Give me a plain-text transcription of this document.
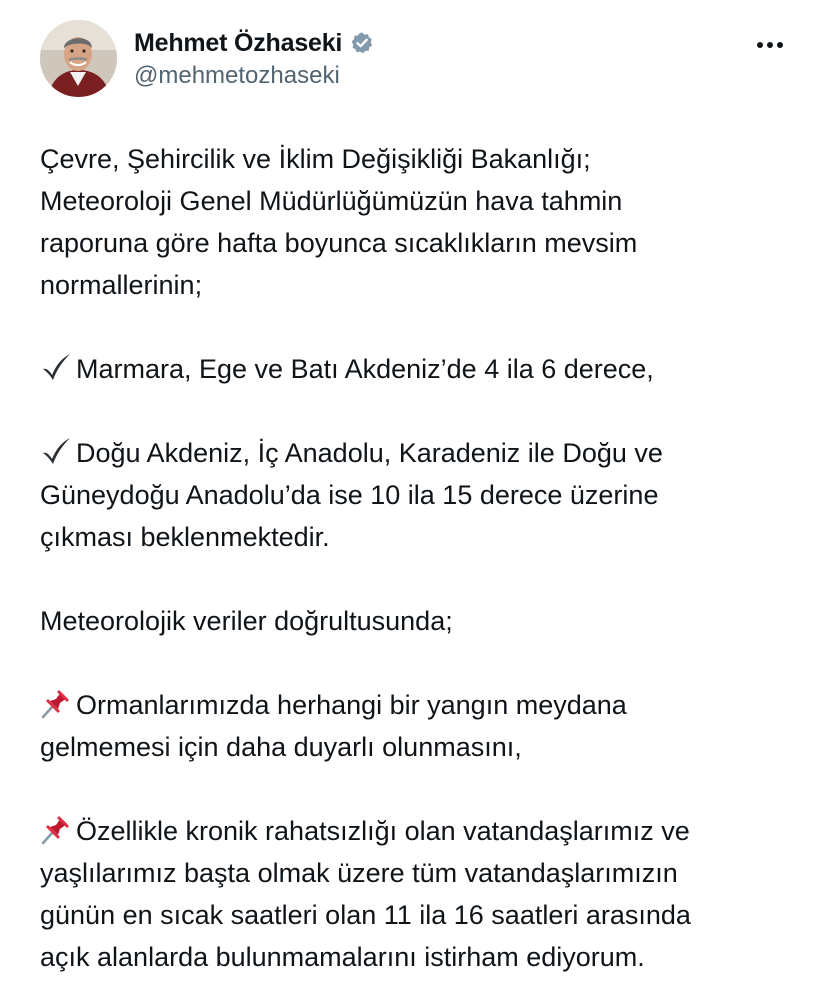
Mehmet Özhaseki
@mehmetozhaseki

Çevre, Şehircilik ve İklim Değişikliği Bakanlığı;
Meteoroloji Genel Müdürlüğümüzün hava tahmin
raporuna göre hafta boyunca sıcaklıkların mevsim
normallerinin;

Marmara, Ege ve Batı Akdeniz’de 4 ila 6 derece,

Doğu Akdeniz, İç Anadolu, Karadeniz ile Doğu ve
Güneydoğu Anadolu’da ise 10 ila 15 derece üzerine
çıkması beklenmektedir.

Meteorolojik veriler doğrultusunda;

Ormanlarımızda herhangi bir yangın meydana
gelmemesi için daha duyarlı olunmasını,

Özellikle kronik rahatsızlığı olan vatandaşlarımız ve
yaşlılarımız başta olmak üzere tüm vatandaşlarımızın
günün en sıcak saatleri olan 11 ila 16 saatleri arasında
açık alanlarda bulunmamalarını istirham ediyorum.
